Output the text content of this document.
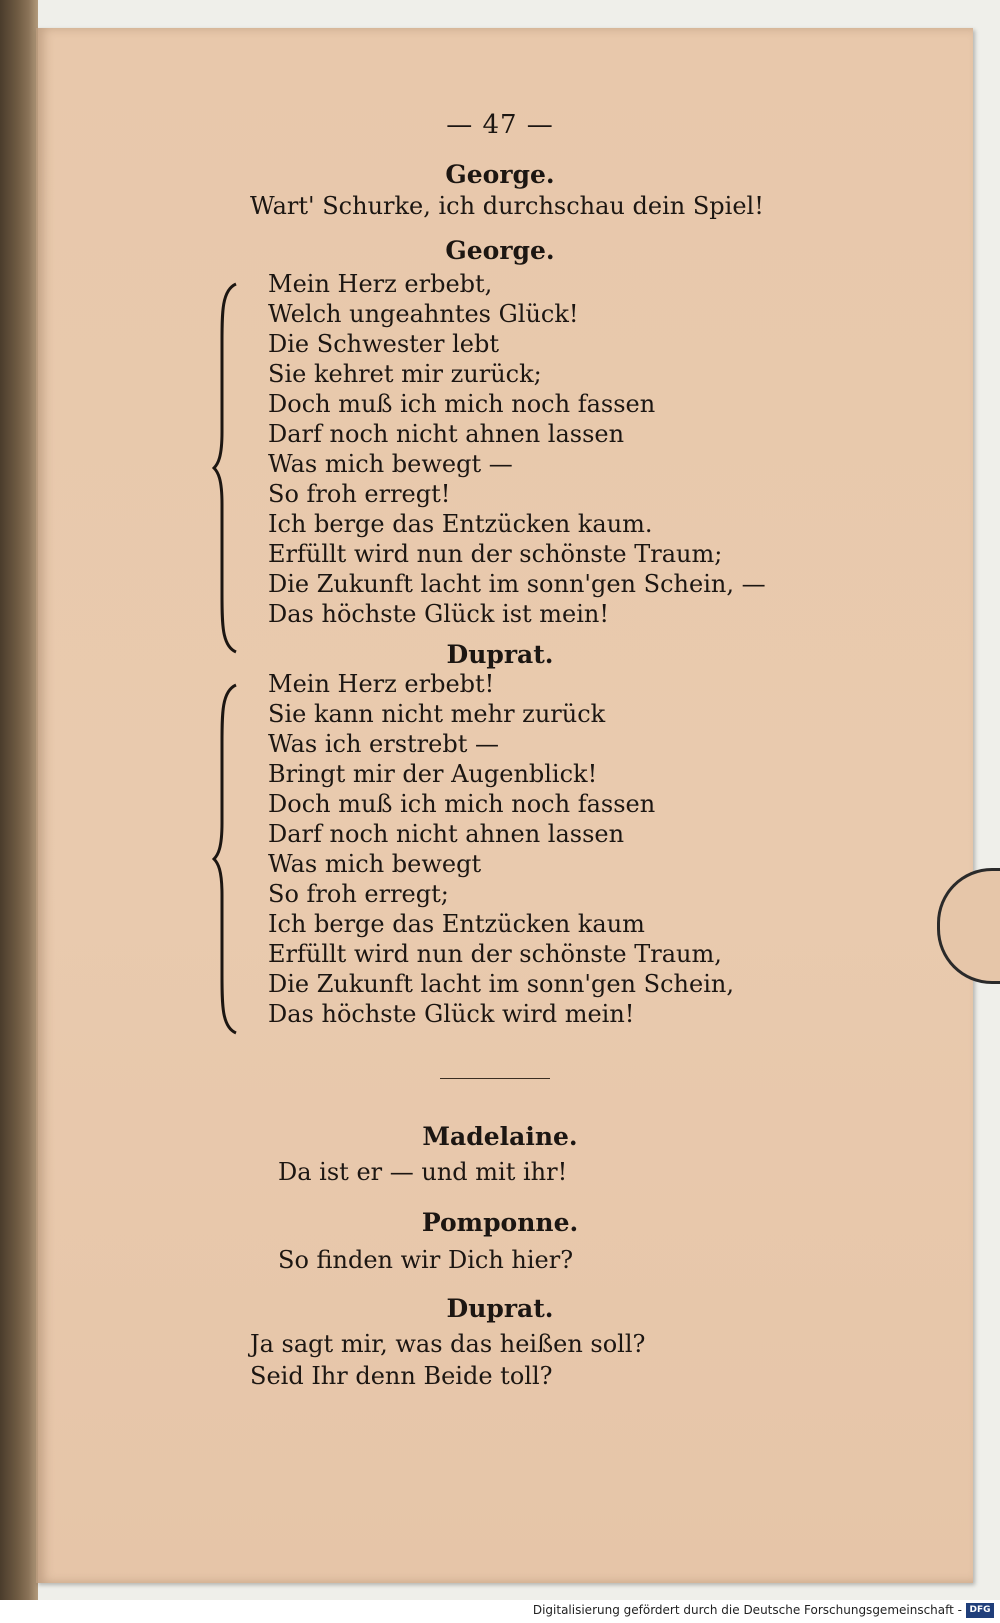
— 47 —
George.
Wart' Schurke, ich durchschau dein Spiel!
George.
Mein Herz erbebt,
Welch ungeahntes Glück!
Die Schwester lebt
Sie kehret mir zurück;
Doch muß ich mich noch fassen
Darf noch nicht ahnen lassen
Was mich bewegt —
So froh erregt!
Ich berge das Entzücken kaum.
Erfüllt wird nun der schönste Traum;
Die Zukunft lacht im sonn'gen Schein, —
Das höchste Glück ist mein!
Duprat.
Mein Herz erbebt!
Sie kann nicht mehr zurück
Was ich erstrebt —
Bringt mir der Augenblick!
Doch muß ich mich noch fassen
Darf noch nicht ahnen lassen
Was mich bewegt
So froh erregt;
Ich berge das Entzücken kaum
Erfüllt wird nun der schönste Traum,
Die Zukunft lacht im sonn'gen Schein,
Das höchste Glück wird mein!
Madelaine.
Da ist er — und mit ihr!
Pomponne.
So finden wir Dich hier?
Duprat.
Ja sagt mir, was das heißen soll?
Seid Ihr denn Beide toll?
Digitalisierung gefördert durch die Deutsche Forschungsgemeinschaft - DFG
